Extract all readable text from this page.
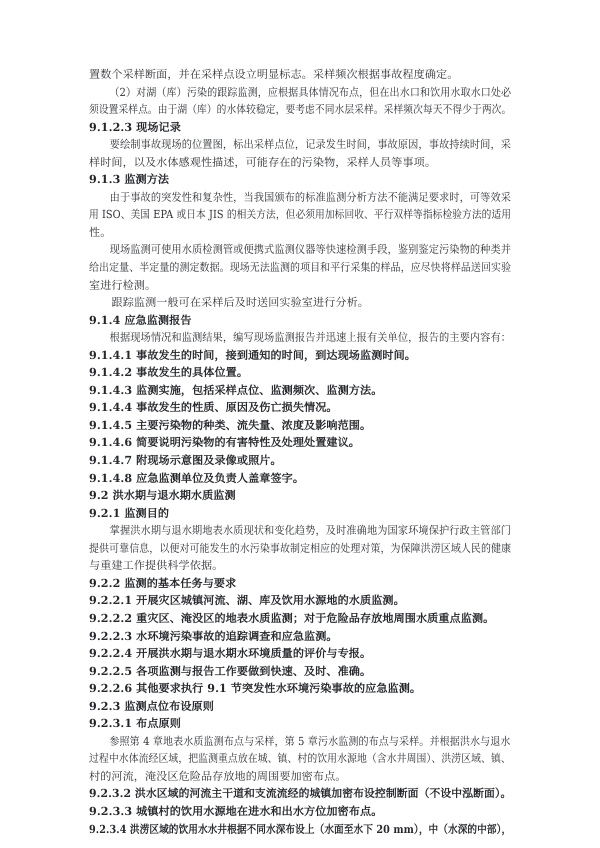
置数个采样断面，并在采样点设立明显标志。采样频次根据事故程度确定。
（2）对湖（库）污染的跟踪监测，应根据具体情况布点，但在出水口和饮用水取水口处必
须设置采样点。由于湖（库）的水体较稳定，要考虑不同水层采样。采样频次每天不得少于两次。
9.1.2.3 现场记录
要绘制事故现场的位置图，标出采样点位，记录发生时间，事故原因，事故持续时间，采
样时间，以及水体感观性描述，可能存在的污染物，采样人员等事项。
9.1.3 监测方法
由于事故的突发性和复杂性，当我国颁布的标准监测分析方法不能满足要求时，可等效采
用 ISO、美国 EPA 或日本 JIS 的相关方法，但必须用加标回收、平行双样等指标检验方法的适用
性。
现场监测可使用水质检测管或便携式监测仪器等快速检测手段，鉴别鉴定污染物的种类并
给出定量、半定量的测定数据。现场无法监测的项目和平行采集的样品，应尽快将样品送回实验
室进行检测。
跟踪监测一般可在采样后及时送回实验室进行分析。
9.1.4 应急监测报告
根据现场情况和监测结果，编写现场监测报告并迅速上报有关单位，报告的主要内容有：
9.1.4.1 事故发生的时间，接到通知的时间，到达现场监测时间。
9.1.4.2 事故发生的具体位置。
9.1.4.3 监测实施，包括采样点位、监测频次、监测方法。
9.1.4.4 事故发生的性质、原因及伤亡损失情况。
9.1.4.5 主要污染物的种类、流失量、浓度及影响范围。
9.1.4.6 简要说明污染物的有害特性及处理处置建议。
9.1.4.7 附现场示意图及录像或照片。
9.1.4.8 应急监测单位及负责人盖章签字。
9.2 洪水期与退水期水质监测
9.2.1 监测目的
掌握洪水期与退水期地表水质现状和变化趋势，及时准确地为国家环境保护行政主管部门
提供可靠信息，以便对可能发生的水污染事故制定相应的处理对策，为保障洪涝区域人民的健康
与重建工作提供科学依据。
9.2.2 监测的基本任务与要求
9.2.2.1 开展灾区城镇河流、湖、库及饮用水源地的水质监测。
9.2.2.2 重灾区、淹没区的地表水质监测；对于危险品存放地周围水质重点监测。
9.2.2.3 水环境污染事故的追踪调查和应急监测。
9.2.2.4 开展洪水期与退水期水环境质量的评价与专报。
9.2.2.5 各项监测与报告工作要做到快速、及时、准确。
9.2.2.6 其他要求执行 9.1 节突发性水环境污染事故的应急监测。
9.2.3 监测点位布设原则
9.2.3.1 布点原则
参照第 4 章地表水质监测布点与采样，第 5 章污水监测的布点与采样。并根据洪水与退水
过程中水体流经区域，把监测重点放在城、镇、村的饮用水源地（含水井周围）、洪涝区域、镇、
村的河流，淹没区危险品存放地的周围要加密布点。
9.2.3.2 洪水区域的河流主干道和支流流经的城镇加密布设控制断面（不设中泓断面）。
9.2.3.3 城镇村的饮用水源地在进水和出水方位加密布点。
9.2.3.4 洪涝区域的饮用水水井根据不同水深布设上（水面至水下 20 mm），中（水深的中部），
